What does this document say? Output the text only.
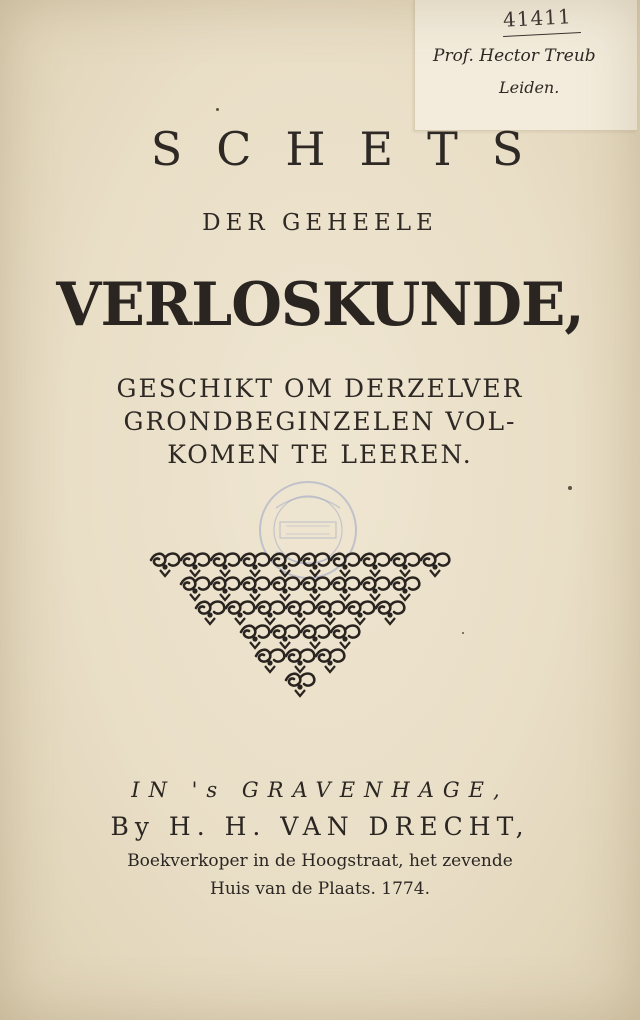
41411
Prof. Hector Treub
Leiden.
SCHETS
DER GEHEELE
VERLOSKUNDE,
GESCHIKT OM DERZELVER
GRONDBEGINZELEN VOL-
KOMEN TE LEEREN.
IN 's GRAVENHAGE,
By H. H. VAN DRECHT,
Boekverkoper in de Hoogstraat, het zevende
Huis van de Plaats. 1774.
